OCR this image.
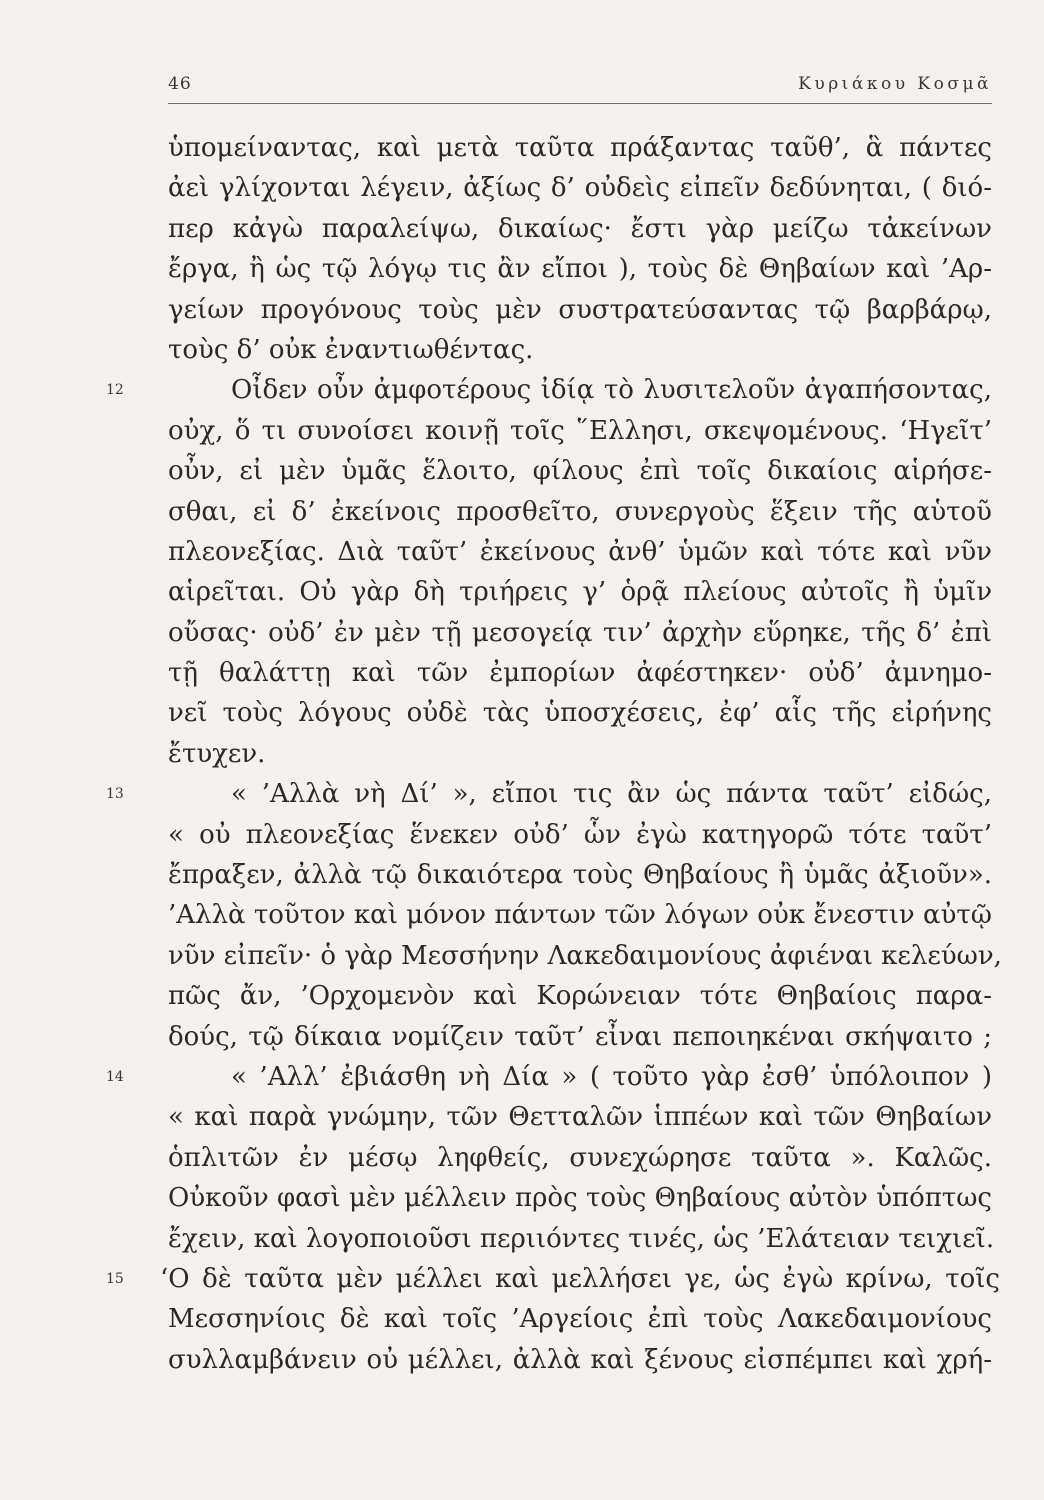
46	Κυριάκου Κοσμᾶ
ὑπομείναντας, καὶ μετὰ ταῦτα πράξαντας ταῦθ’, ἃ πάντες
ἀεὶ γλίχονται λέγειν, ἀξίως δ’ οὐδεὶς εἰπεῖν δεδύνηται, ( διό-
περ κἀγὼ παραλείψω, δικαίως· ἔστι γὰρ μείζω τἀκείνων
ἔργα, ἢ ὡς τῷ λόγῳ τις ἂν εἴποι ), τοὺς δὲ Θηβαίων καὶ ’Αρ-
γείων προγόνους τοὺς μὲν συστρατεύσαντας τῷ βαρβάρῳ,
τοὺς δ’ οὐκ ἐναντιωθέντας.
12	Οἶδεν οὖν ἀμφοτέρους ἰδίᾳ τὸ λυσιτελοῦν ἀγαπήσοντας,
οὐχ, ὅ τι συνοίσει κοινῇ τοῖς ῞Ελλησι, σκεψομένους. ‘Ηγεῖτ’
οὖν, εἰ μὲν ὑμᾶς ἕλοιτο, φίλους ἐπὶ τοῖς δικαίοις αἱρήσε-
σθαι, εἰ δ’ ἐκείνοις προσθεῖτο, συνεργοὺς ἕξειν τῆς αὑτοῦ
πλεονεξίας. Διὰ ταῦτ’ ἐκείνους ἀνθ’ ὑμῶν καὶ τότε καὶ νῦν
αἱρεῖται. Οὐ γὰρ δὴ τριήρεις γ’ ὁρᾷ πλείους αὐτοῖς ἢ ὑμῖν
οὔσας· οὐδ’ ἐν μὲν τῇ μεσογείᾳ τιν’ ἀρχὴν εὕρηκε, τῆς δ’ ἐπὶ
τῇ θαλάττῃ καὶ τῶν ἐμπορίων ἀφέστηκεν· οὐδ’ ἀμνημο-
νεῖ τοὺς λόγους οὐδὲ τὰς ὑποσχέσεις, ἐφ’ αἷς τῆς εἰρήνης
ἔτυχεν.
13	« ’Αλλὰ νὴ Δί’ », εἴποι τις ἂν ὡς πάντα ταῦτ’ εἰδώς,
« οὐ πλεονεξίας ἕνεκεν οὐδ’ ὧν ἐγὼ κατηγορῶ τότε ταῦτ’
ἔπραξεν, ἀλλὰ τῷ δικαιότερα τοὺς Θηβαίους ἢ ὑμᾶς ἀξιοῦν».
’Αλλὰ τοῦτον καὶ μόνον πάντων τῶν λόγων οὐκ ἔνεστιν αὐτῷ
νῦν εἰπεῖν· ὁ γὰρ Μεσσήνην Λακεδαιμονίους ἀφιέναι κελεύων,
πῶς ἄν, ’Ορχομενὸν καὶ Κορώνειαν τότε Θηβαίοις παρα-
δούς, τῷ δίκαια νομίζειν ταῦτ’ εἶναι πεποιηκέναι σκήψαιτο ;
14	« ’Αλλ’ ἐβιάσθη νὴ Δία » ( τοῦτο γὰρ ἐσθ’ ὑπόλοιπον )
« καὶ παρὰ γνώμην, τῶν Θετταλῶν ἱππέων καὶ τῶν Θηβαίων
ὁπλιτῶν ἐν μέσῳ ληφθείς, συνεχώρησε ταῦτα ». Καλῶς.
Οὐκοῦν φασὶ μὲν μέλλειν πρὸς τοὺς Θηβαίους αὐτὸν ὑπόπτως
ἔχειν, καὶ λογοποιοῦσι περιιόντες τινές, ὡς ’Ελάτειαν τειχιεῖ.
15 ‘Ο δὲ ταῦτα μὲν μέλλει καὶ μελλήσει γε, ὡς ἐγὼ κρίνω, τοῖς
Μεσσηνίοις δὲ καὶ τοῖς ’Αργείοις ἐπὶ τοὺς Λακεδαιμονίους
συλλαμβάνειν οὐ μέλλει, ἀλλὰ καὶ ξένους εἰσπέμπει καὶ χρή-
